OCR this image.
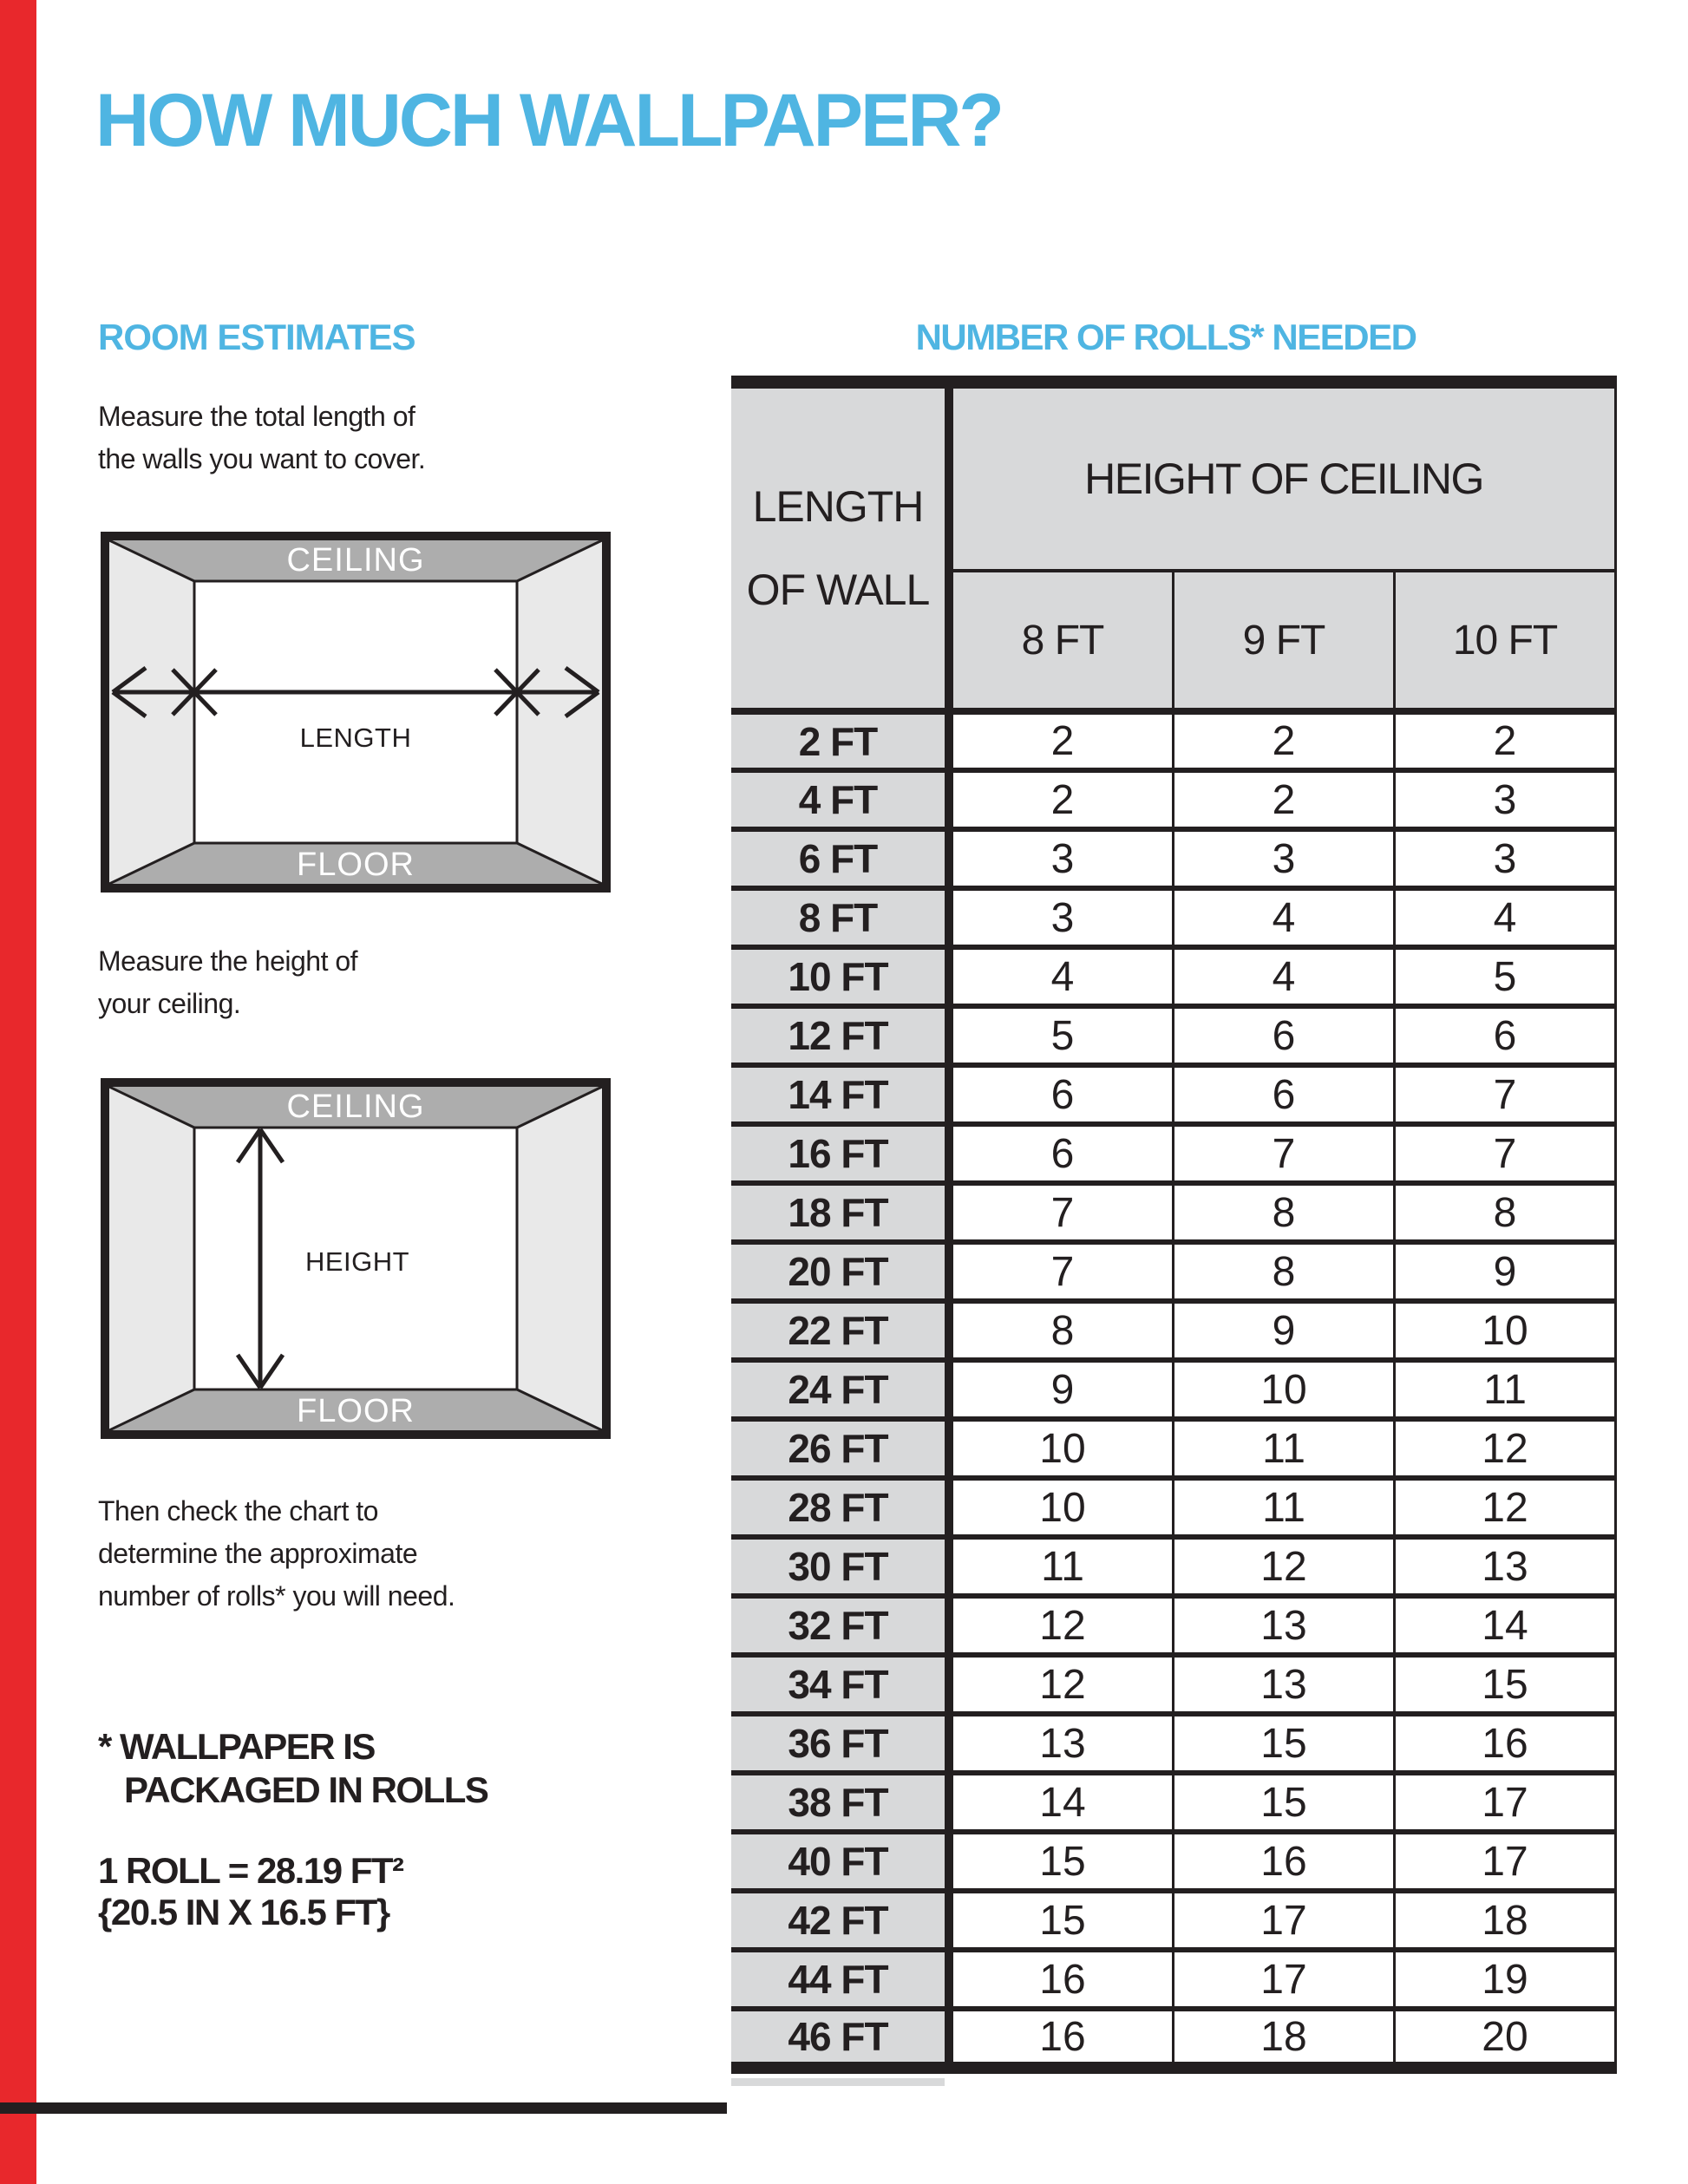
HOW MUCH WALLPAPER?
ROOM ESTIMATES
Measure the total length of
the walls you want to cover.
CEILING
FLOOR
LENGTH
Measure the height of
your ceiling.
CEILING
FLOOR
HEIGHT
Then check the chart to
determine the approximate
number of rolls* you will need.
* WALLPAPER IS
PACKAGED IN ROLLS
1 ROLL = 28.19 FT²
{20.5 IN X 16.5 FT}
NUMBER OF ROLLS* NEEDED
LENGTH
OF WALL	HEIGHT OF CEILING		
	8 FT	9 FT	10 FT
2 FT	2	2	2
4 FT	2	2	3
6 FT	3	3	3
8 FT	3	4	4
10 FT	4	4	5
12 FT	5	6	6
14 FT	6	6	7
16 FT	6	7	7
18 FT	7	8	8
20 FT	7	8	9
22 FT	8	9	10
24 FT	9	10	11
26 FT	10	11	12
28 FT	10	11	12
30 FT	11	12	13
32 FT	12	13	14
34 FT	12	13	15
36 FT	13	15	16
38 FT	14	15	17
40 FT	15	16	17
42 FT	15	17	18
44 FT	16	17	19
46 FT	16	18	20
